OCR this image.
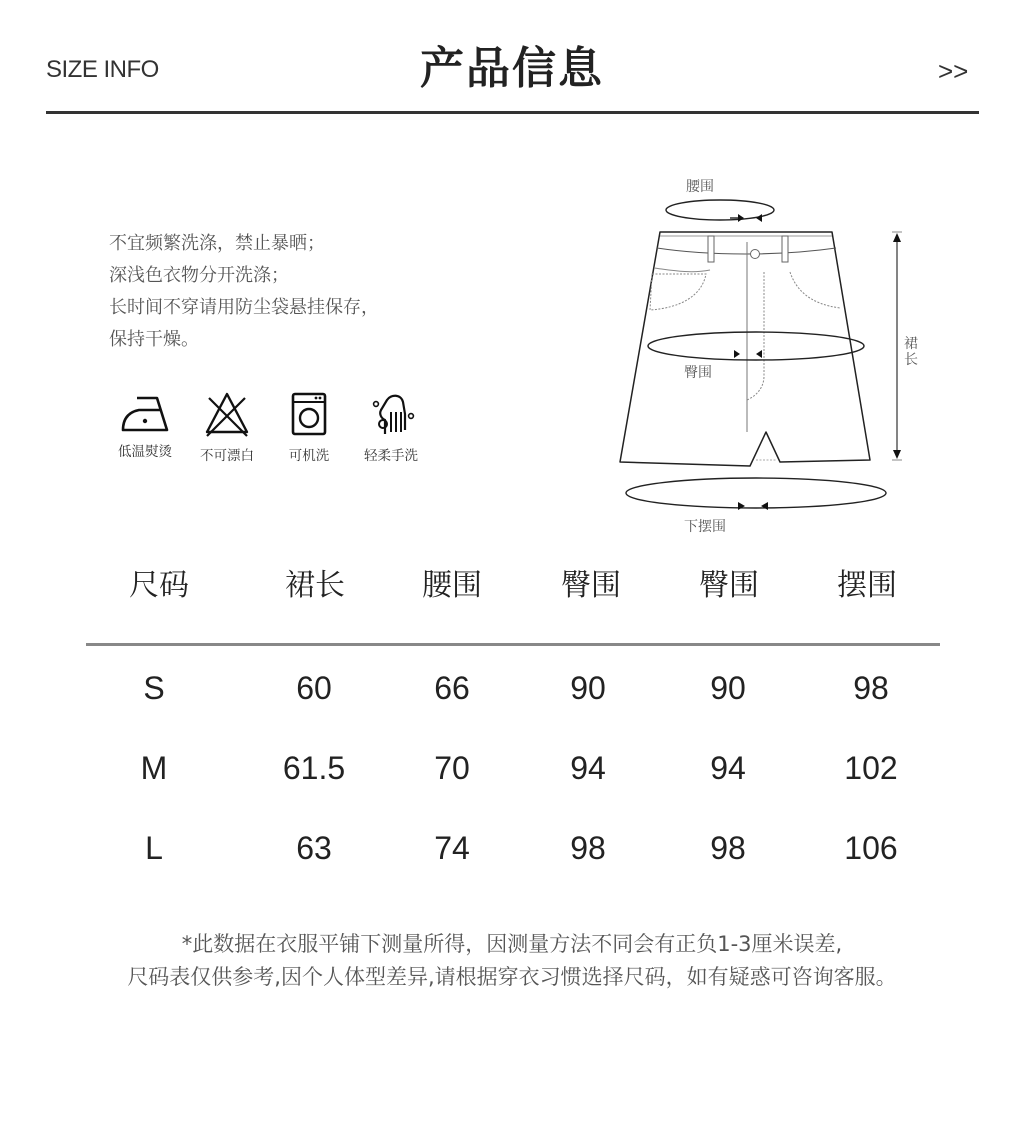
SIZE INFO	产品信息	>>
不宜频繁洗涤，禁止暴晒；
深浅色衣物分开洗涤；
长时间不穿请用防尘袋悬挂保存，
保持干燥。
低温熨烫	不可漂白	可机洗	轻柔手洗
腰围
臀围
下摆围
裙
长
尺码	裙长	腰围	臀围	臀围	摆围
S	60	66	90	90	98
M	61.5	70	94	94	102
L	63	74	98	98	106
*此数据在衣服平铺下测量所得，因测量方法不同会有正负1-3厘米误差,
尺码表仅供参考,因个人体型差异,请根据穿衣习惯选择尺码，如有疑惑可咨询客服。
